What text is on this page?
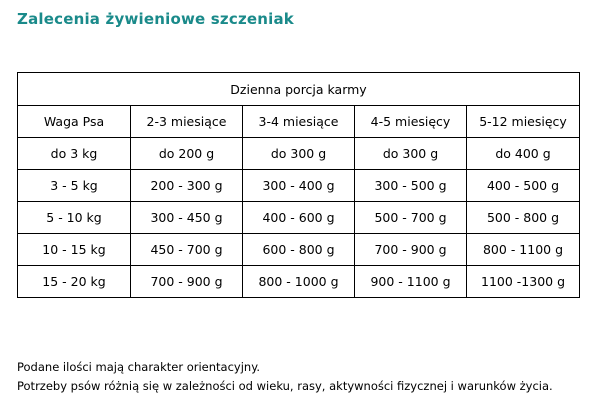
Zalecenia żywieniowe szczeniak
Dzienna porcja karmy				
Waga Psa	2-3 miesiące	3-4 miesiące	4-5 miesięcy	5-12 miesięcy
do 3 kg	do 200 g	do 300 g	do 300 g	do 400 g
3 - 5 kg	200 - 300 g	300 - 400 g	300 - 500 g	400 - 500 g
5 - 10 kg	300 - 450 g	400 - 600 g	500 - 700 g	500 - 800 g
10 - 15 kg	450 - 700 g	600 - 800 g	700 - 900 g	800 - 1100 g
15 - 20 kg	700 - 900 g	800 - 1000 g	900 - 1100 g	1100 -1300 g
Podane ilości mają charakter orientacyjny.
Potrzeby psów różnią się w zależności od wieku, rasy, aktywności fizycznej i warunków życia.
